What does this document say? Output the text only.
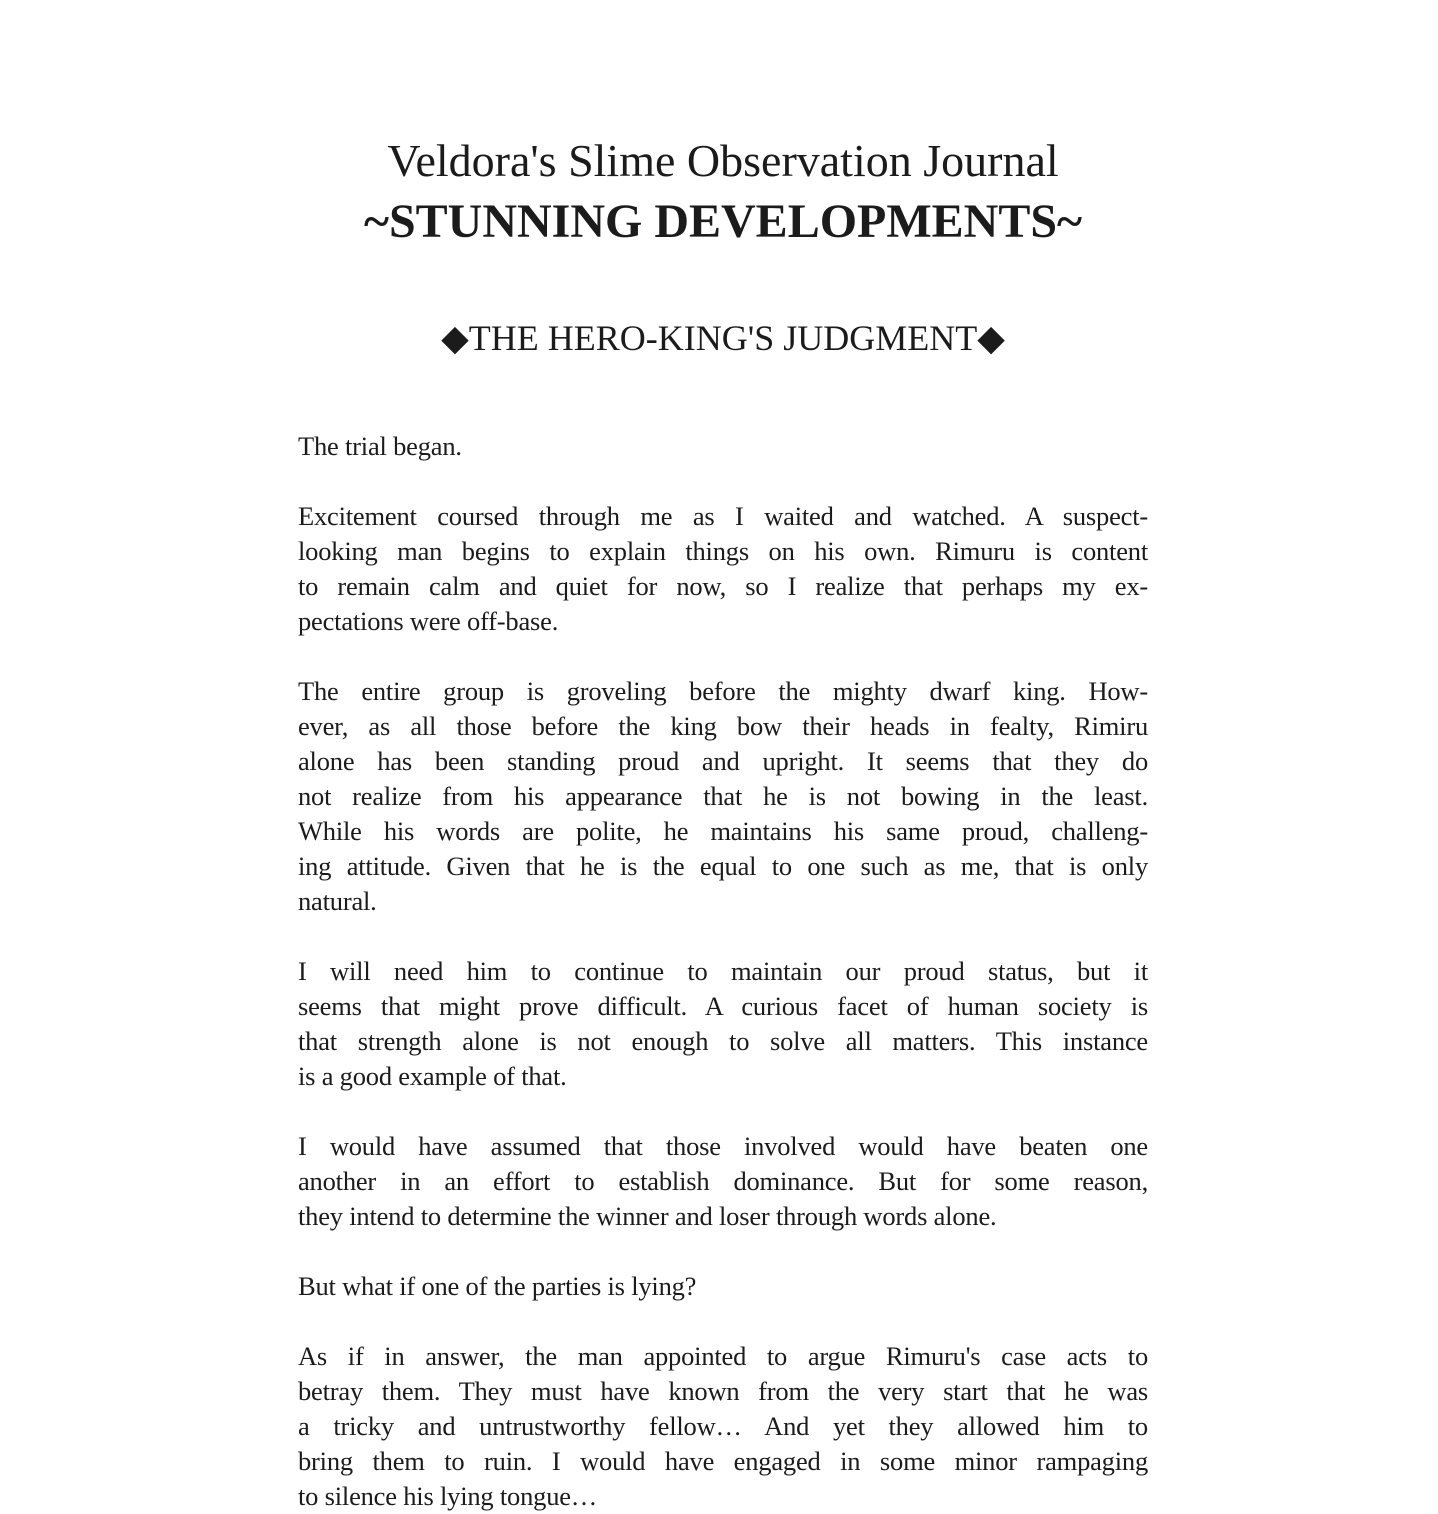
Veldora's Slime Observation Journal
~STUNNING DEVELOPMENTS~
◆THE HERO-KING'S JUDGMENT◆
The trial began.
Excitement coursed through me as I waited and watched. A suspect-
looking man begins to explain things on his own. Rimuru is content
to remain calm and quiet for now, so I realize that perhaps my ex-
pectations were off-base.
The entire group is groveling before the mighty dwarf king. How-
ever, as all those before the king bow their heads in fealty, Rimiru
alone has been standing proud and upright. It seems that they do
not realize from his appearance that he is not bowing in the least.
While his words are polite, he maintains his same proud, challeng-
ing attitude. Given that he is the equal to one such as me, that is only
natural.
I will need him to continue to maintain our proud status, but it
seems that might prove difficult. A curious facet of human society is
that strength alone is not enough to solve all matters. This instance
is a good example of that.
I would have assumed that those involved would have beaten one
another in an effort to establish dominance. But for some reason,
they intend to determine the winner and loser through words alone.
But what if one of the parties is lying?
As if in answer, the man appointed to argue Rimuru's case acts to
betray them. They must have known from the very start that he was
a tricky and untrustworthy fellow… And yet they allowed him to
bring them to ruin. I would have engaged in some minor rampaging
to silence his lying tongue…
